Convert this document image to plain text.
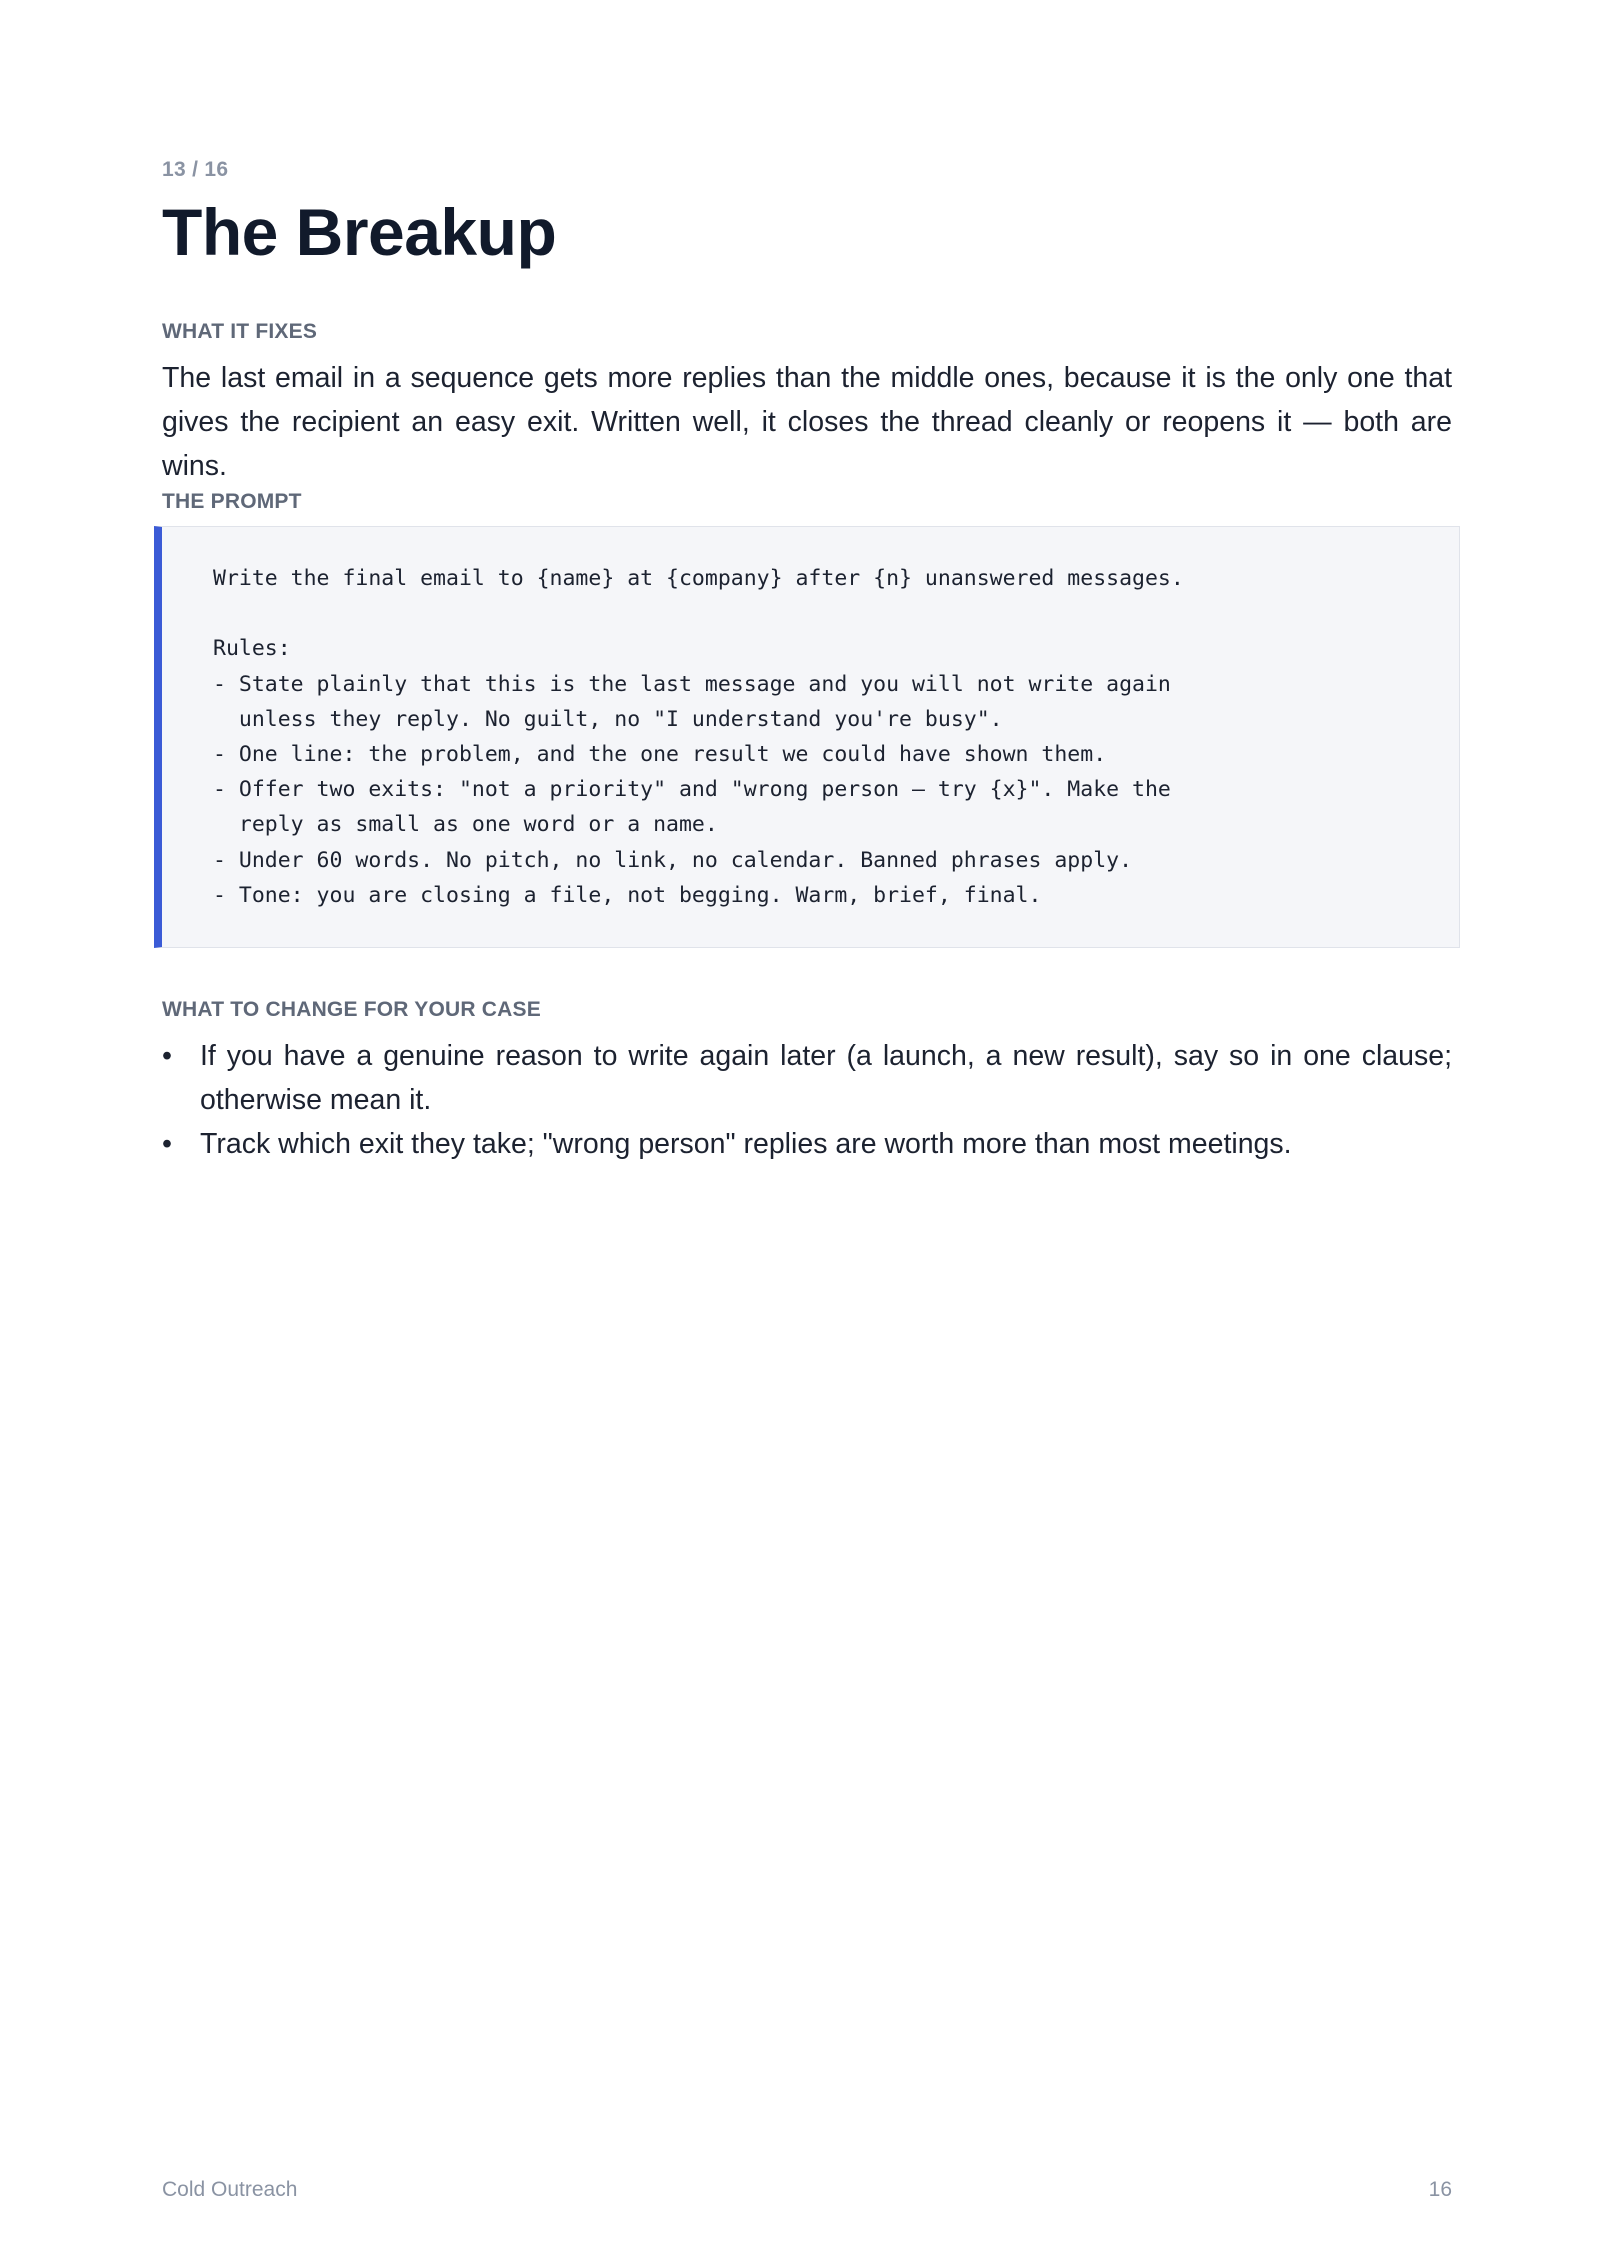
13 / 16
The Breakup
WHAT IT FIXES

The last email in a sequence gets more replies than the middle ones, because it is the only one that gives the recipient an easy exit. Written well, it closes the thread cleanly or reopens it — both are wins.

THE PROMPT
Write the final email to {name} at {company} after {n} unanswered messages.

Rules:
- State plainly that this is the last message and you will not write again
unless they reply. No guilt, no "I understand you're busy".
- One line: the problem, and the one result we could have shown them.
- Offer two exits: "not a priority" and "wrong person — try {x}". Make the
reply as small as one word or a name.
- Under 60 words. No pitch, no link, no calendar. Banned phrases apply.
- Tone: you are closing a file, not begging. Warm, brief, final.
WHAT TO CHANGE FOR YOUR CASE
• If you have a genuine reason to write again later (a launch, a new result), say so in one clause; otherwise mean it.
• Track which exit they take; "wrong person" replies are worth more than most meetings.
Cold Outreach	16
